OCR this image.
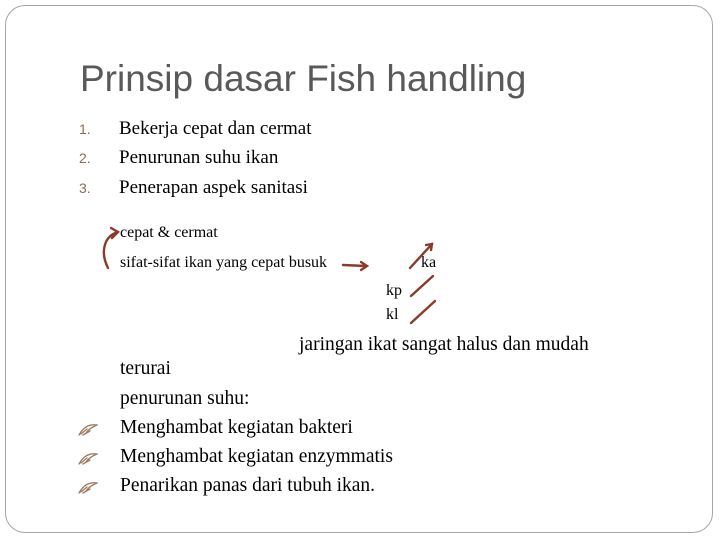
Prinsip dasar Fish handling
1. Bekerja cepat dan cermat
2. Penurunan suhu ikan
3. Penerapan aspek sanitasi
cepat & cermat
sifat-sifat ikan yang cepat busuk	ka
kp
kl
jaringan ikat sangat halus dan mudah
terurai
penurunan suhu:
Menghambat kegiatan bakteri
Menghambat kegiatan enzymmatis
Penarikan panas dari tubuh ikan.
